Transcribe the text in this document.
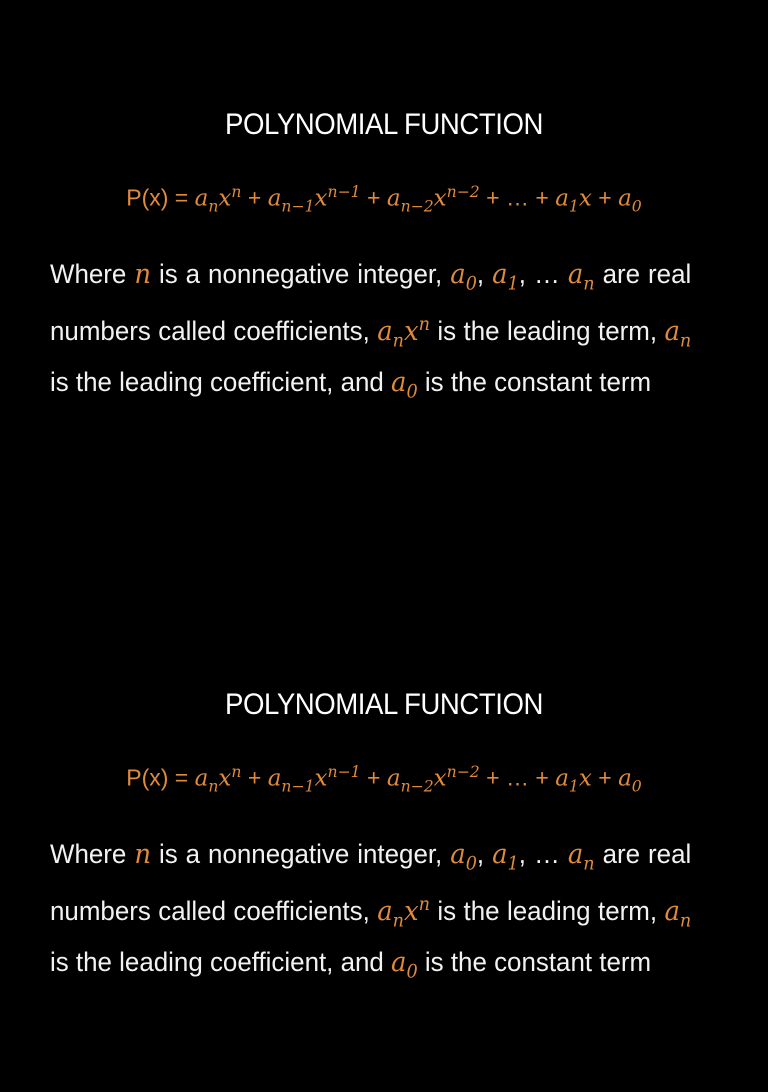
POLYNOMIAL FUNCTION
$P(x) = a_nx^n + a_{n-1}x^{n-1} + a_{n-2}x^{n-2}$ + … + $a_1x + a_0$
Where n is a nonnegative integer, $a_0$, $a_1$, … $a_n$ are real numbers called coefficients, $a_nx^n$ is the leading term, $a_n$ is the leading coefficient, and $a_0$ is the constant term
POLYNOMIAL FUNCTION
$P(x) = a_nx^n + a_{n-1}x^{n-1} + a_{n-2}x^{n-2}$ + … + $a_1x + a_0$
Where n is a nonnegative integer, $a_0$, $a_1$, … $a_n$ are real numbers called coefficients, $a_nx^n$ is the leading term, $a_n$ is the leading coefficient, and $a_0$ is the constant term
